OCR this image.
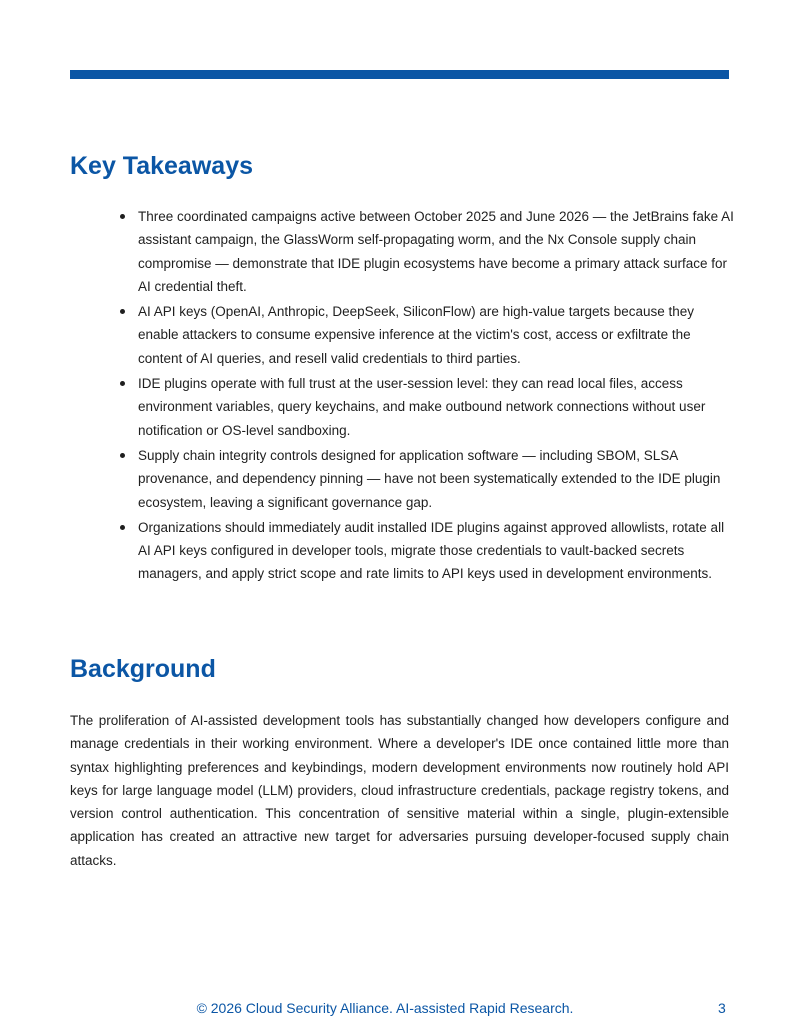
Key Takeaways
Three coordinated campaigns active between October 2025 and June 2026 — the JetBrains fake AI assistant campaign, the GlassWorm self-propagating worm, and the Nx Console supply chain compromise — demonstrate that IDE plugin ecosystems have become a primary attack surface for AI credential theft.
AI API keys (OpenAI, Anthropic, DeepSeek, SiliconFlow) are high-value targets because they enable attackers to consume expensive inference at the victim's cost, access or exfiltrate the content of AI queries, and resell valid credentials to third parties.
IDE plugins operate with full trust at the user-session level: they can read local files, access environment variables, query keychains, and make outbound network connections without user notification or OS-level sandboxing.
Supply chain integrity controls designed for application software — including SBOM, SLSA provenance, and dependency pinning — have not been systematically extended to the IDE plugin ecosystem, leaving a significant governance gap.
Organizations should immediately audit installed IDE plugins against approved allowlists, rotate all AI API keys configured in developer tools, migrate those credentials to vault-backed secrets managers, and apply strict scope and rate limits to API keys used in development environments.
Background

The proliferation of AI-assisted development tools has substantially changed how developers configure and manage credentials in their working environment. Where a developer's IDE once contained little more than syntax highlighting preferences and keybindings, modern development environments now routinely hold API keys for large language model (LLM) providers, cloud infrastructure credentials, package registry tokens, and version control authentication. This concentration of sensitive material within a single, plugin-extensible application has created an attractive new target for adversaries pursuing developer-focused supply chain attacks.

© 2026 Cloud Security Alliance. AI-assisted Rapid Research.	3
